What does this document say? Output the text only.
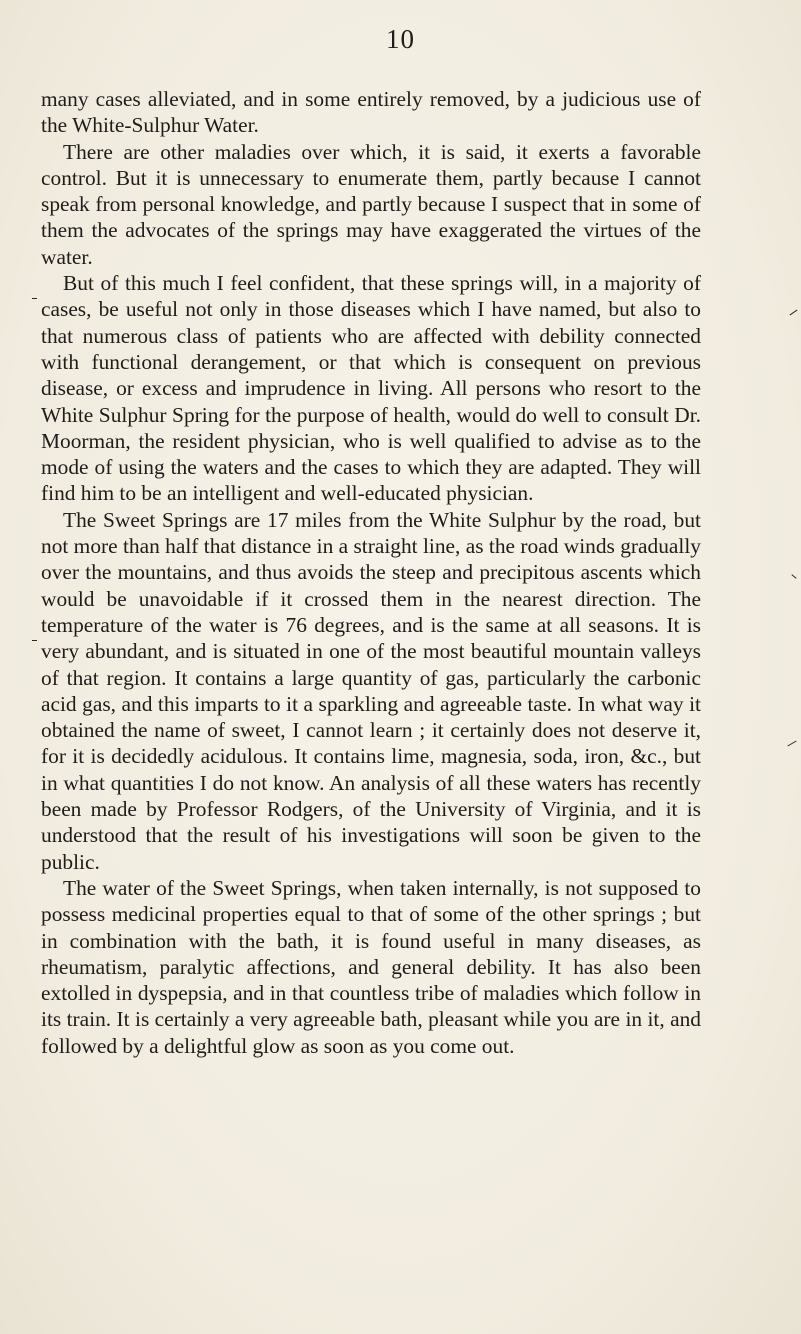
10

many cases alleviated, and in some entirely removed, by a judicious use of the White-Sulphur Water.

There are other maladies over which, it is said, it exerts a favorable control. But it is unnecessary to enumerate them, partly because I cannot speak from personal knowledge, and partly because I suspect that in some of them the advocates of the springs may have exaggerated the virtues of the water.

But of this much I feel confident, that these springs will, in a majority of cases, be useful not only in those diseases which I have named, but also to that numerous class of patients who are affected with debility connected with functional derangement, or that which is consequent on previous disease, or excess and imprudence in living. All persons who resort to the White Sulphur Spring for the purpose of health, would do well to consult Dr. Moorman, the resident physician, who is well qualified to advise as to the mode of using the waters and the cases to which they are adapted. They will find him to be an intelligent and well-educated physician.

The Sweet Springs are 17 miles from the White Sulphur by the road, but not more than half that distance in a straight line, as the road winds gradually over the mountains, and thus avoids the steep and precipitous ascents which would be unavoidable if it crossed them in the nearest direction. The temperature of the water is 76 degrees, and is the same at all seasons. It is very abundant, and is situated in one of the most beautiful mountain valleys of that region. It contains a large quantity of gas, particularly the carbonic acid gas, and this imparts to it a sparkling and agreeable taste. In what way it obtained the name of sweet, I cannot learn ; it certainly does not deserve it, for it is decidedly acidulous. It contains lime, magnesia, soda, iron, &c., but in what quantities I do not know. An analysis of all these waters has recently been made by Professor Rodgers, of the University of Virginia, and it is understood that the result of his investigations will soon be given to the public.

The water of the Sweet Springs, when taken internally, is not supposed to possess medicinal properties equal to that of some of the other springs ; but in combination with the bath, it is found useful in many diseases, as rheumatism, paralytic affections, and general debility. It has also been extolled in dyspepsia, and in that countless tribe of maladies which follow in its train. It is certainly a very agreeable bath, pleasant while you are in it, and followed by a delightful glow as soon as you come out.
